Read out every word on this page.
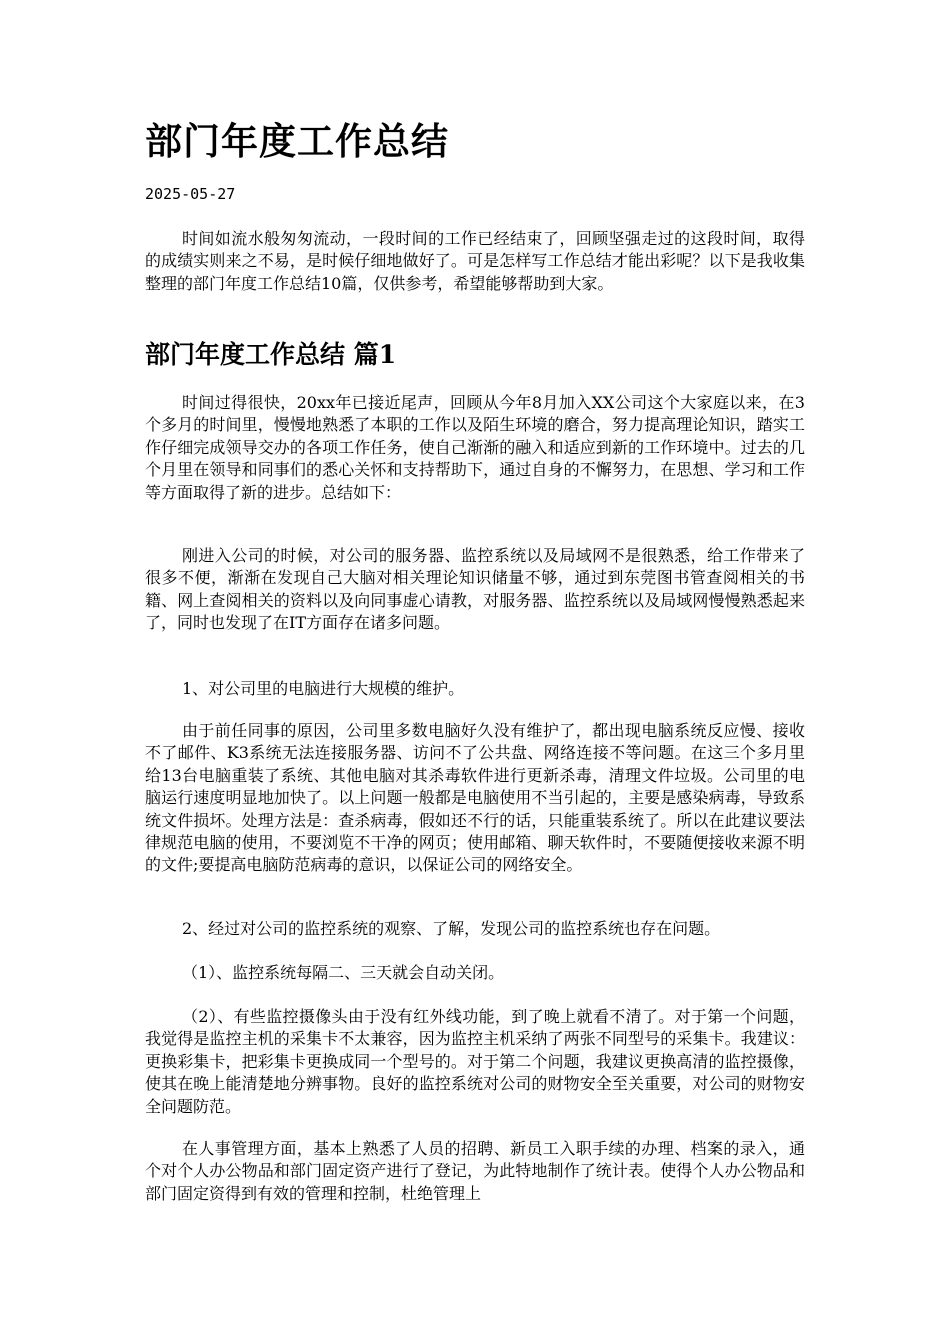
部门年度工作总结

2025-05-27

时间如流水般匆匆流动，一段时间的工作已经结束了，回顾坚强走过的这段时间，取得的成绩实则来之不易，是时候仔细地做好了。可是怎样写工作总结才能出彩呢？以下是我收集整理的部门年度工作总结10篇，仅供参考，希望能够帮助到大家。

部门年度工作总结 篇1

时间过得很快，20xx年已接近尾声，回顾从今年8月加入XX公司这个大家庭以来，在3个多月的时间里，慢慢地熟悉了本职的工作以及陌生环境的磨合，努力提高理论知识，踏实工作仔细完成领导交办的各项工作任务，使自己渐渐的融入和适应到新的工作环境中。过去的几个月里在领导和同事们的悉心关怀和支持帮助下，通过自身的不懈努力，在思想、学习和工作等方面取得了新的进步。总结如下：

刚进入公司的时候，对公司的服务器、监控系统以及局域网不是很熟悉，给工作带来了很多不便，渐渐在发现自己大脑对相关理论知识储量不够，通过到东莞图书管查阅相关的书籍、网上查阅相关的资料以及向同事虚心请教，对服务器、监控系统以及局域网慢慢熟悉起来了，同时也发现了在IT方面存在诸多问题。

1、对公司里的电脑进行大规模的维护。

由于前任同事的原因，公司里多数电脑好久没有维护了，都出现电脑系统反应慢、接收不了邮件、K3系统无法连接服务器、访问不了公共盘、网络连接不等问题。在这三个多月里给13台电脑重装了系统、其他电脑对其杀毒软件进行更新杀毒，清理文件垃圾。公司里的电脑运行速度明显地加快了。以上问题一般都是电脑使用不当引起的，主要是感染病毒，导致系统文件损坏。处理方法是：查杀病毒，假如还不行的话，只能重装系统了。所以在此建议要法律规范电脑的使用，不要浏览不干净的网页；使用邮箱、聊天软件时，不要随便接收来源不明的文件;要提高电脑防范病毒的意识，以保证公司的网络安全。

2、经过对公司的监控系统的观察、了解，发现公司的监控系统也存在问题。

（1）、监控系统每隔二、三天就会自动关闭。

（2）、有些监控摄像头由于没有红外线功能，到了晚上就看不清了。对于第一个问题，我觉得是监控主机的采集卡不太兼容，因为监控主机采纳了两张不同型号的采集卡。我建议：更换彩集卡，把彩集卡更换成同一个型号的。对于第二个问题，我建议更换高清的监控摄像，使其在晚上能清楚地分辨事物。良好的监控系统对公司的财物安全至关重要，对公司的财物安全问题防范。

在人事管理方面，基本上熟悉了人员的招聘、新员工入职手续的办理、档案的录入，通个对个人办公物品和部门固定资产进行了登记，为此特地制作了统计表。使得个人办公物品和部门固定资得到有效的管理和控制，杜绝管理上
